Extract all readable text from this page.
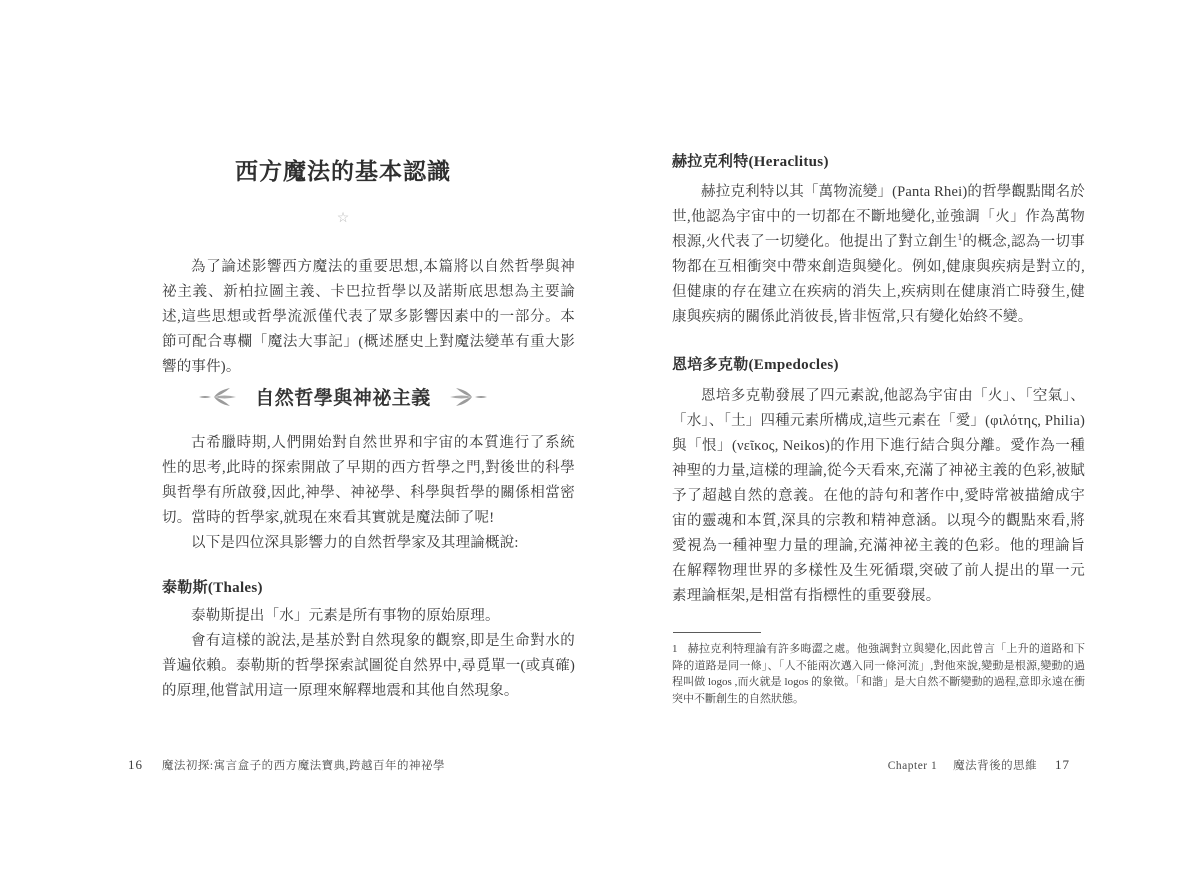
西方魔法的基本認識
☆

為了論述影響西方魔法的重要思想,本篇將以自然哲學與神祕主義、新柏拉圖主義、卡巴拉哲學以及諾斯底思想為主要論述,這些思想或哲學流派僅代表了眾多影響因素中的一部分。本節可配合專欄「魔法大事記」(概述歷史上對魔法變革有重大影響的事件)。

自然哲學與神祕主義

古希臘時期,人們開始對自然世界和宇宙的本質進行了系統性的思考,此時的探索開啟了早期的西方哲學之門,對後世的科學與哲學有所啟發,因此,神學、神祕學、科學與哲學的關係相當密切。當時的哲學家,就現在來看其實就是魔法師了呢!

以下是四位深具影響力的自然哲學家及其理論概說:

泰勒斯(Thales)

泰勒斯提出「水」元素是所有事物的原始原理。

會有這樣的說法,是基於對自然現象的觀察,即是生命對水的普遍依賴。泰勒斯的哲學探索試圖從自然界中,尋覓單一(或真確)的原理,他嘗試用這一原理來解釋地震和其他自然現象。

赫拉克利特(Heraclitus)

赫拉克利特以其「萬物流變」(Panta Rhei)的哲學觀點聞名於世,他認為宇宙中的一切都在不斷地變化,並強調「火」作為萬物根源,火代表了一切變化。他提出了對立創生$^1$的概念,認為一切事物都在互相衝突中帶來創造與變化。例如,健康與疾病是對立的,但健康的存在建立在疾病的消失上,疾病則在健康消亡時發生,健康與疾病的關係此消彼長,皆非恆常,只有變化始終不變。

恩培多克勒(Empedocles)

恩培多克勒發展了四元素說,他認為宇宙由「火」、「空氣」、「水」、「土」四種元素所構成,這些元素在「愛」(φιλότης, Philia)與「恨」(νεῖκος, Neikos)的作用下進行結合與分離。愛作為一種神聖的力量,這樣的理論,從今天看來,充滿了神祕主義的色彩,被賦予了超越自然的意義。在他的詩句和著作中,愛時常被描繪成宇宙的靈魂和本質,深具的宗教和精神意涵。以現今的觀點來看,將愛視為一種神聖力量的理論,充滿神祕主義的色彩。他的理論旨在解釋物理世界的多樣性及生死循環,突破了前人提出的單一元素理論框架,是相當有指標性的重要發展。

1 赫拉克利特理論有許多晦澀之處。他強調對立與變化,因此曾言「上升的道路和下降的道路是同一條」、「人不能兩次邁入同一條河流」,對他來說,變動是根源,變動的過程叫做 logos ,而火就是 logos 的象徵。「和諧」是大自然不斷變動的過程,意即永遠在衝突中不斷創生的自然狀態。
16 魔法初探:寓言盒子的西方魔法寶典,跨越百年的神祕學	Chapter 1 魔法背後的思維 17
